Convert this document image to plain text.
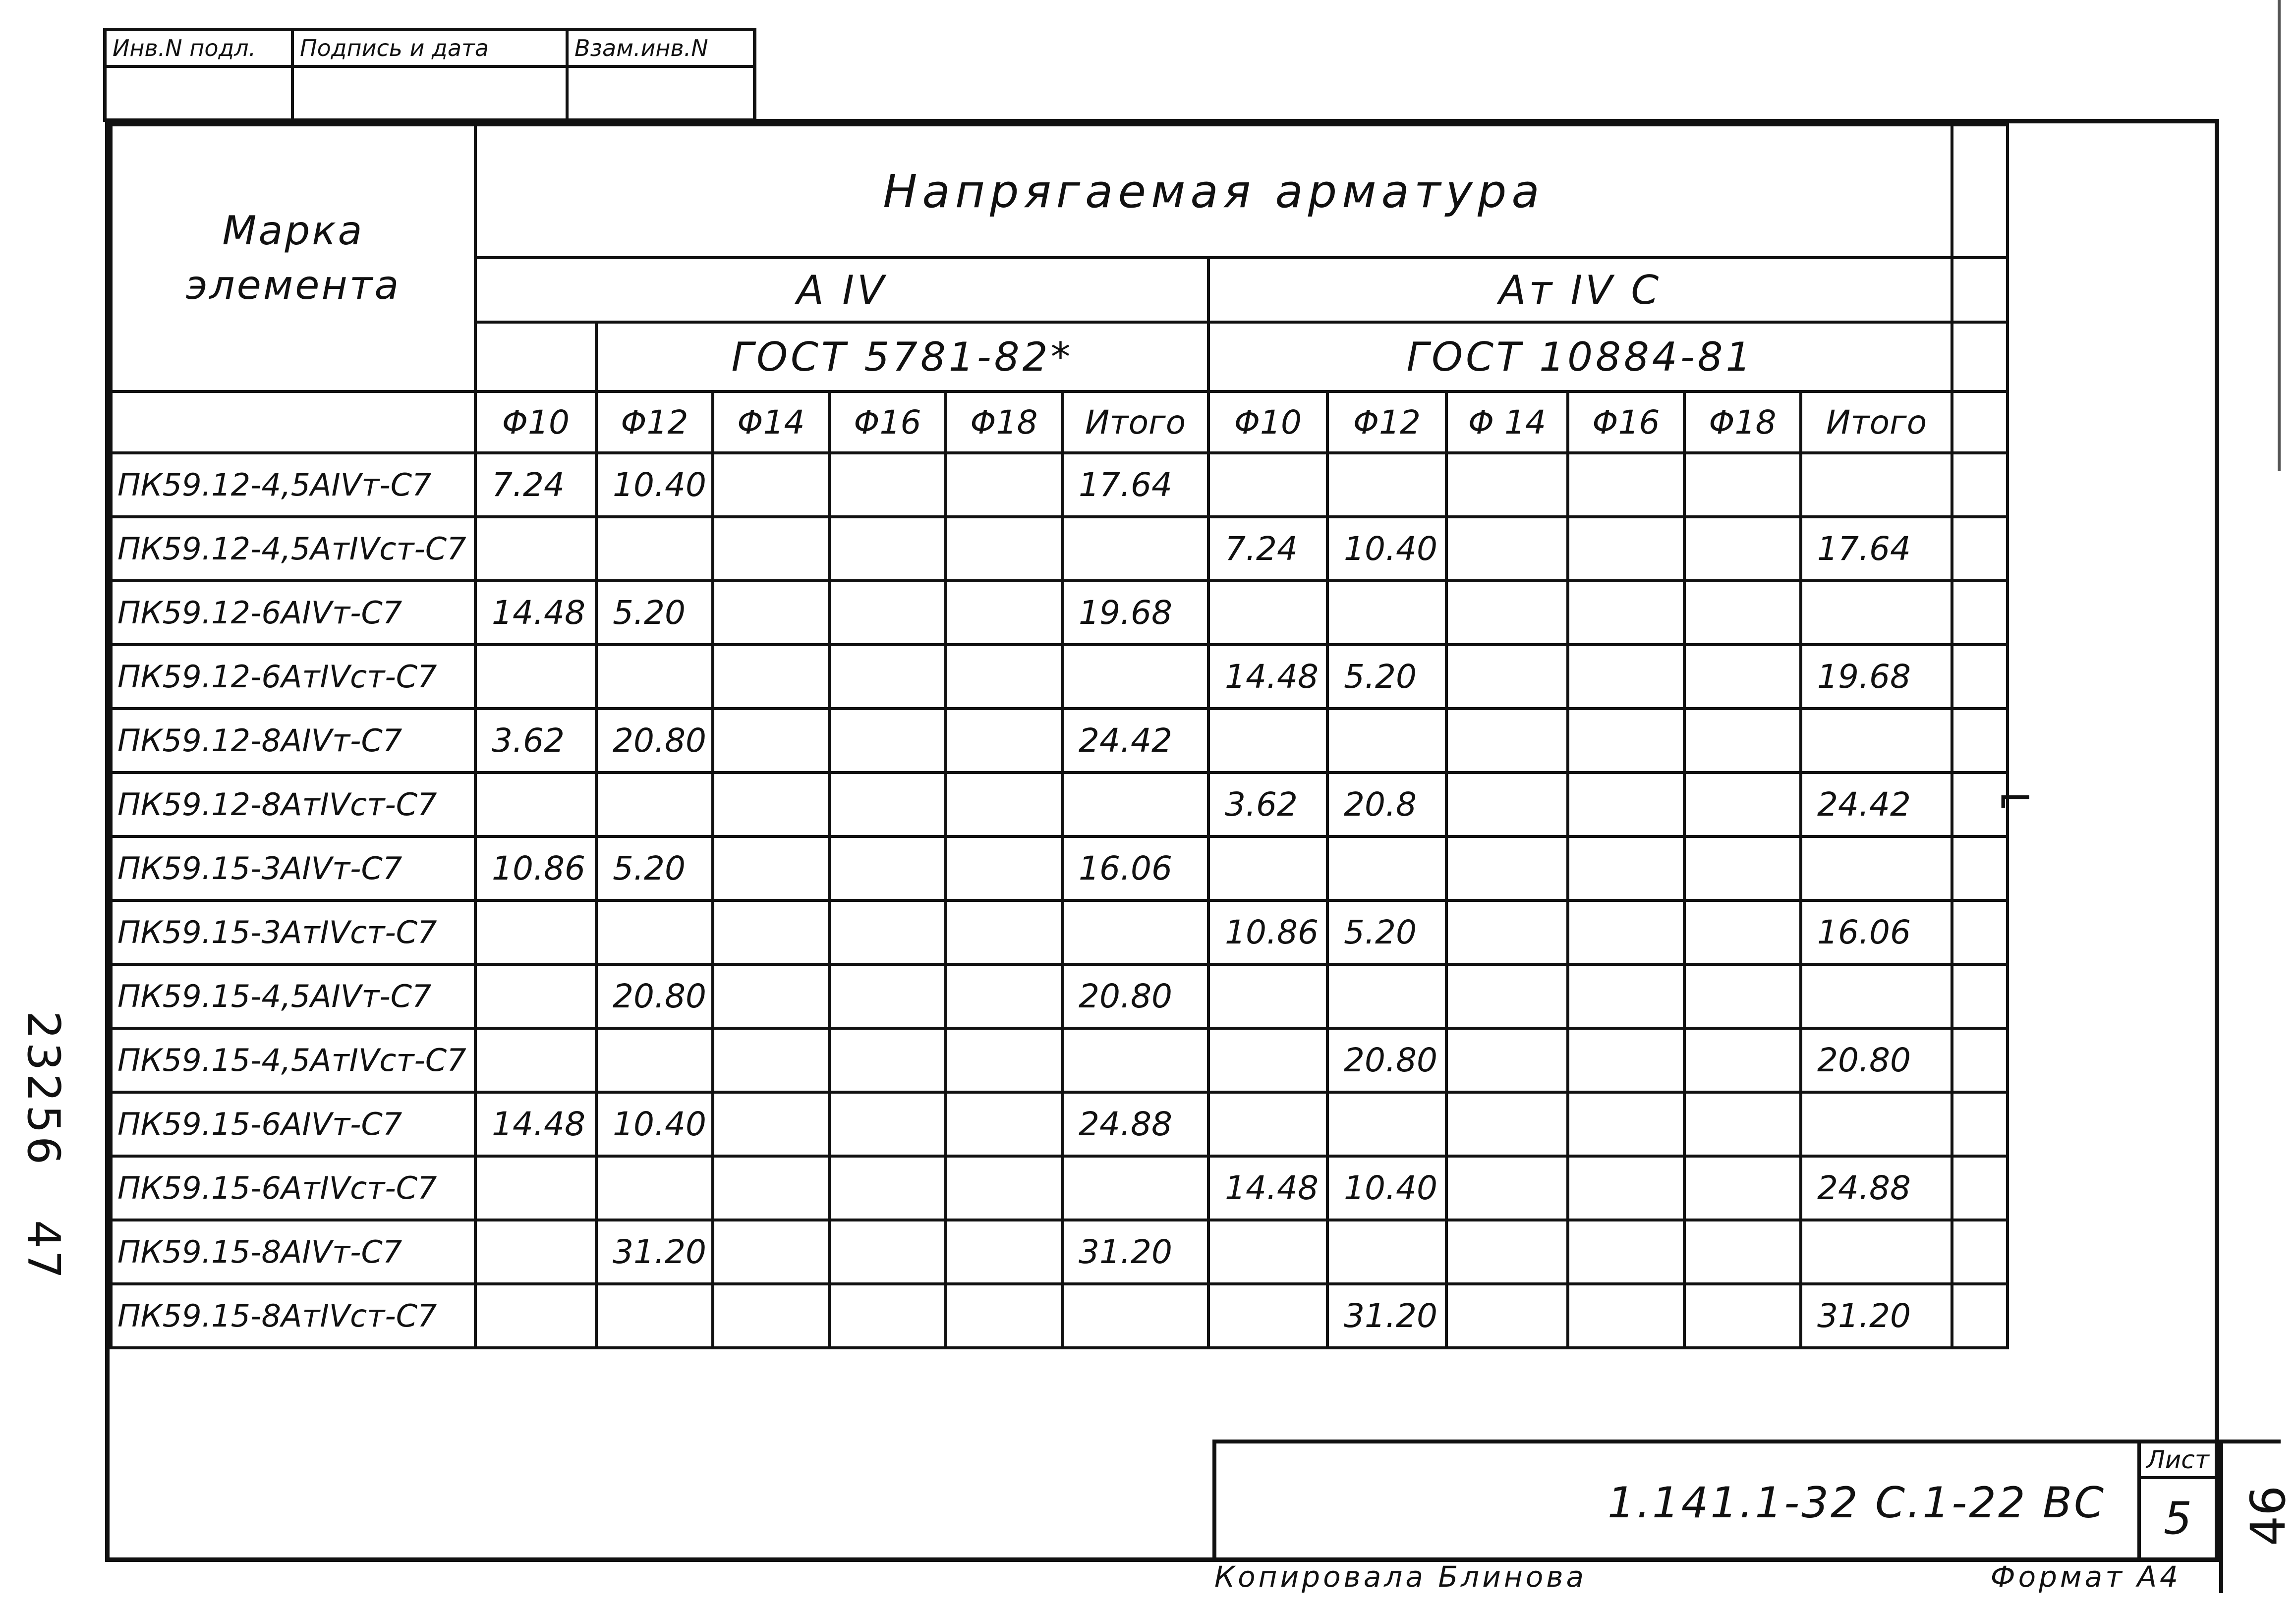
Инв.N подл.	Подпись и дата	Взам.инв.N
Марка элемента	Напрягаемая арматура												
	А IV						Ат IV С						
		ГОСТ 5781-82*					ГОСТ 10884-81						
	Φ10	Φ12	Φ14	Φ16	Φ18	Итого	Φ10	Φ12	Φ 14	Φ16	Φ18	Итого	
ПК59.12-4,5AIVт-С7	7.24	10.40				17.64							
ПК59.12-4,5АтIVст-С7							7.24	10.40				17.64	
ПК59.12-6AIVт-С7	14.48	5.20				19.68							
ПК59.12-6АтIVст-С7							14.48	5.20				19.68	
ПК59.12-8AIVт-С7	3.62	20.80				24.42							
ПК59.12-8АтIVст-С7							3.62	20.8				24.42	
ПК59.15-3AIVт-С7	10.86	5.20				16.06							
ПК59.15-3АтIVст-С7							10.86	5.20				16.06	
ПК59.15-4,5AIVт-С7		20.80				20.80							
ПК59.15-4,5АтIVст-С7								20.80				20.80	
ПК59.15-6AIVт-С7	14.48	10.40				24.88							
ПК59.15-6АтIVст-С7							14.48	10.40				24.88	
ПК59.15-8AIVт-С7		31.20				31.20							
ПК59.15-8АтIVст-С7								31.20				31.20	
1.141.1-32 С.1-22 ВС
Лист
5
Копировала Блинова	Формат А4
23256
47
46
⌐
